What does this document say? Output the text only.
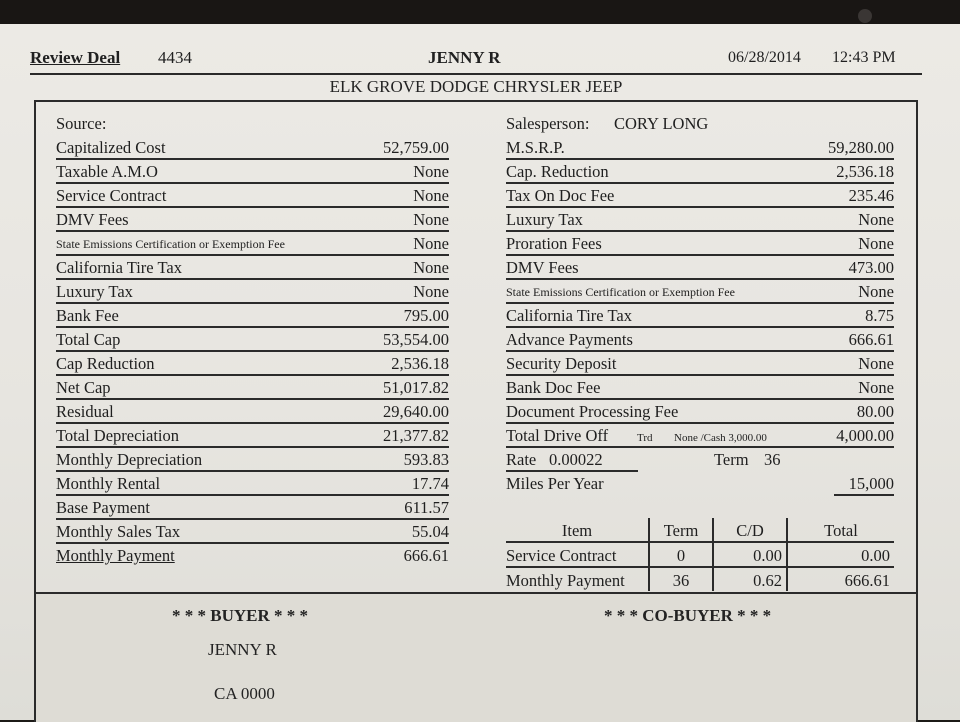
Review Deal 4434	JENNY R	06/28/2014 12:43 PM
ELK GROVE DODGE CHRYSLER JEEP
Source:
Capitalized Cost	52,759.00
Taxable A.M.O	None
Service Contract	None
DMV Fees	None
State Emissions Certification or Exemption Fee	None
California Tire Tax	None
Luxury Tax	None
Bank Fee	795.00
Total Cap	53,554.00
Cap Reduction	2,536.18
Net Cap	51,017.82
Residual	29,640.00
Total Depreciation	21,377.82
Monthly Depreciation	593.83
Monthly Rental	17.74
Base Payment	611.57
Monthly Sales Tax	55.04
Monthly Payment	666.61
Salesperson: CORY LONG
M.S.R.P.	59,280.00
Cap. Reduction	2,536.18
Tax On Doc Fee	235.46
Luxury Tax	None
Proration Fees	None
DMV Fees	473.00
State Emissions Certification or Exemption Fee	None
California Tire Tax	8.75
Advance Payments	666.61
Security Deposit	None
Bank Doc Fee	None
Document Processing Fee	80.00
Total Drive Off	Trd None /Cash 3,000.00	4,000.00
Rate 0.00022	Term 36
Miles Per Year	15,000
Item	Term	C/D	Total
Service Contract	0	0.00	0.00
Monthly Payment	36	0.62	666.61
* * * BUYER * * *	* * * CO-BUYER * * *
JENNY R
CA 0000
